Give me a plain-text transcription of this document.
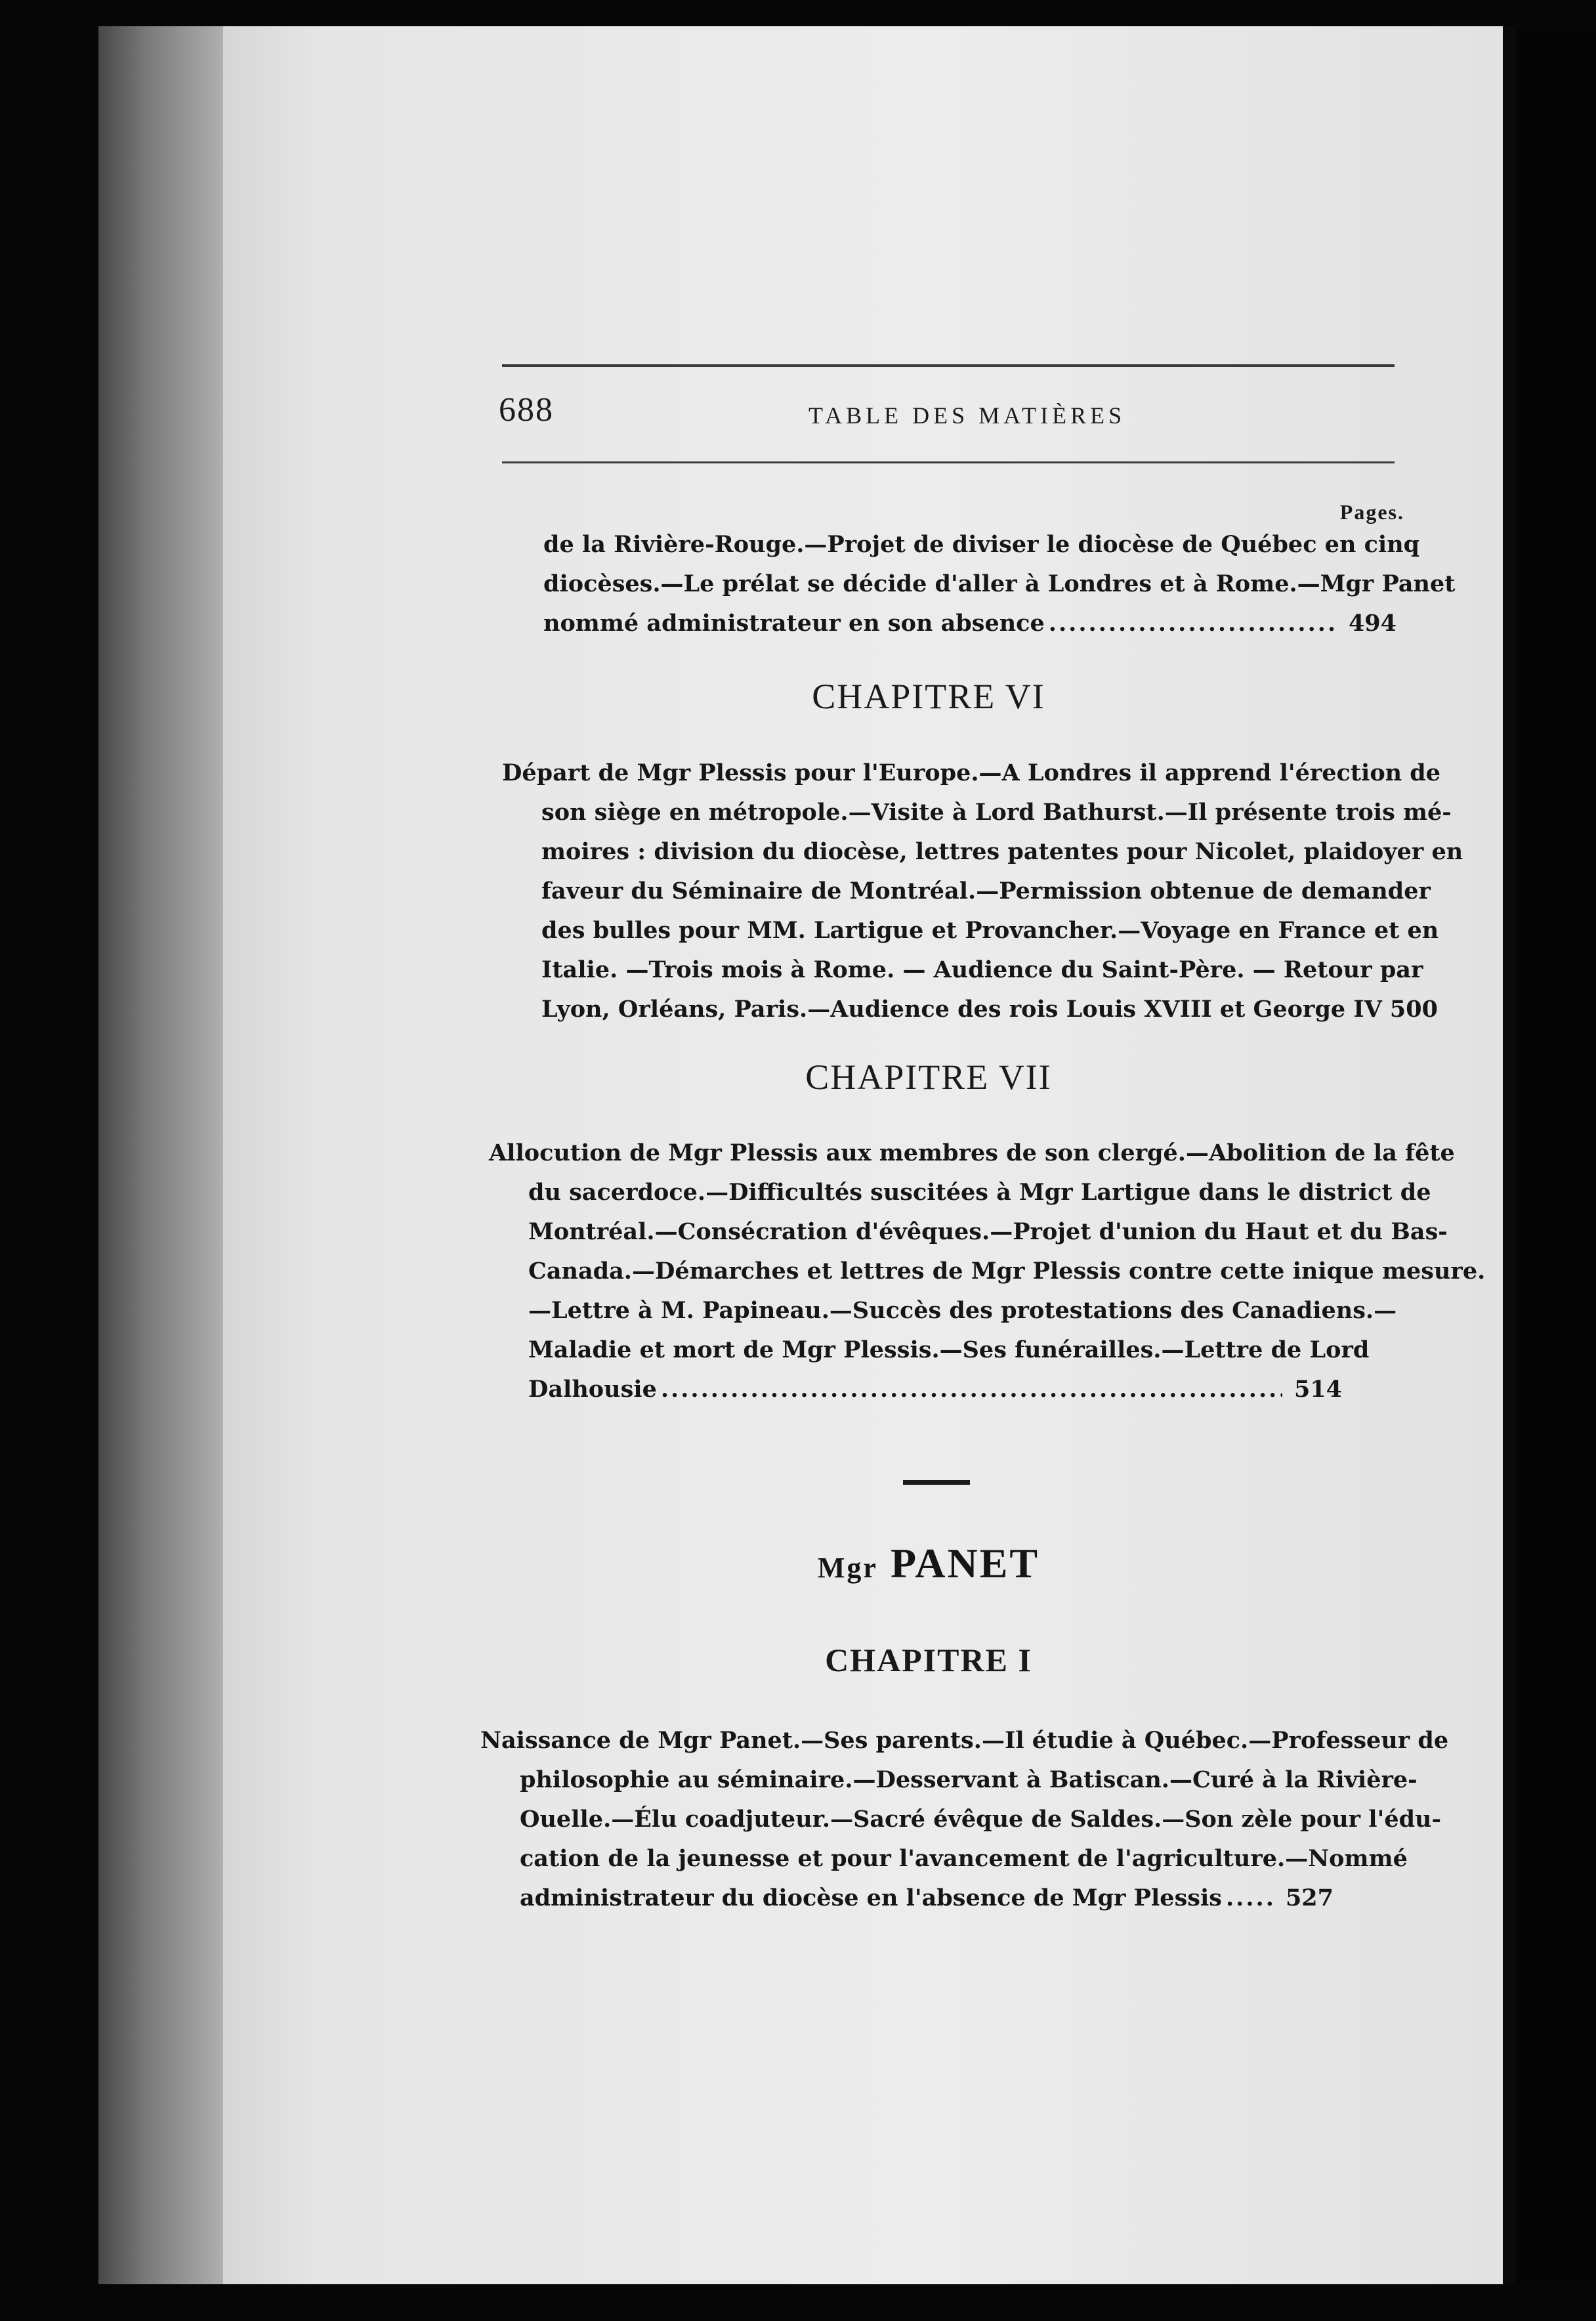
688	TABLE DES MATIÈRES
Pages.
de la Rivière-Rouge.—Projet de diviser le diocèse de Québec en cinq
diocèses.—Le prélat se décide d'aller à Londres et à Rome.—Mgr Panet
nommé administrateur en son absence .....	494
CHAPITRE VI
Départ de Mgr Plessis pour l'Europe.—A Londres il apprend l'érection de
son siège en métropole.—Visite à Lord Bathurst.—Il présente trois mé-
moires : division du diocèse, lettres patentes pour Nicolet, plaidoyer en
faveur du Séminaire de Montréal.—Permission obtenue de demander
des bulles pour MM. Lartigue et Provancher.—Voyage en France et en
Italie. —Trois mois à Rome. — Audience du Saint-Père. — Retour par
Lyon, Orléans, Paris.—Audience des rois Louis XVIII et George IV 500
CHAPITRE VII
Allocution de Mgr Plessis aux membres de son clergé.—Abolition de la fête
du sacerdoce.—Difficultés suscitées à Mgr Lartigue dans le district de
Montréal.—Consécration d'évêques.—Projet d'union du Haut et du Bas-
Canada.—Démarches et lettres de Mgr Plessis contre cette inique mesure.
—Lettre à M. Papineau.—Succès des protestations des Canadiens.—
Maladie et mort de Mgr Plessis.—Ses funérailles.—Lettre de Lord
Dalhousie .....	514
Mgr PANET
CHAPITRE I
Naissance de Mgr Panet.—Ses parents.—Il étudie à Québec.—Professeur de
philosophie au séminaire.—Desservant à Batiscan.—Curé à la Rivière-
Ouelle.—Élu coadjuteur.—Sacré évêque de Saldes.—Son zèle pour l'édu-
cation de la jeunesse et pour l'avancement de l'agriculture.—Nommé
administrateur du diocèse en l'absence de Mgr Plessis .....	527
